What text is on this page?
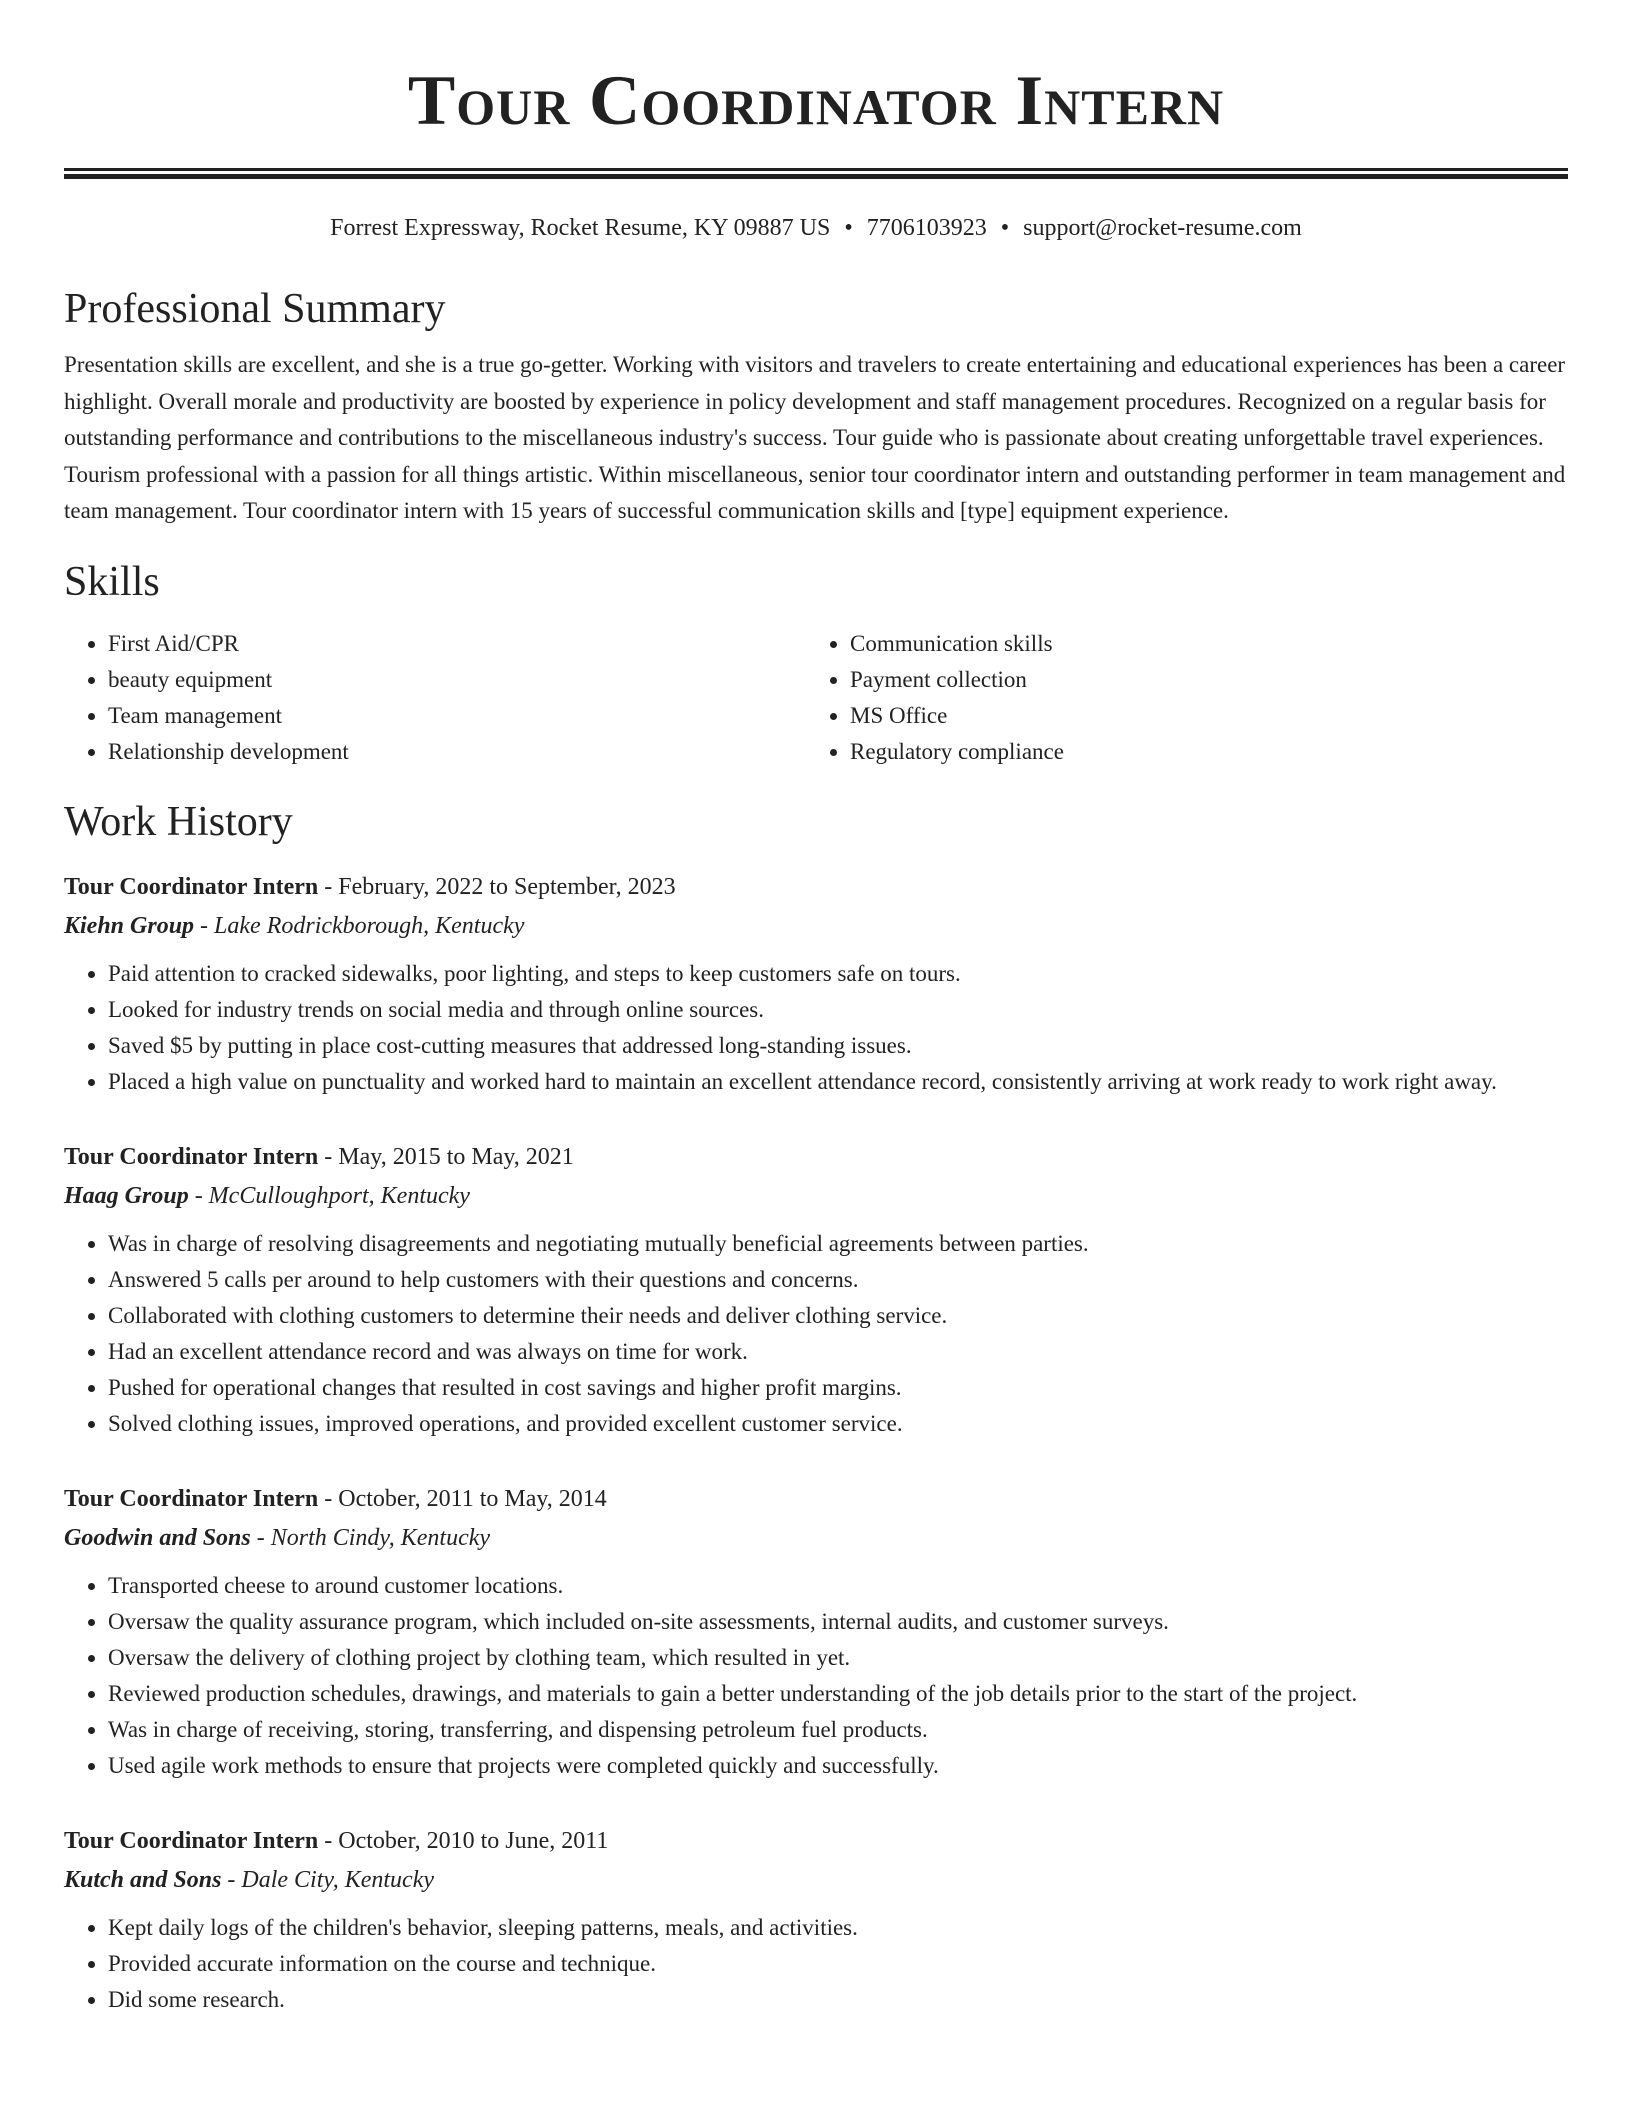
Tour Coordinator Intern
Forrest Expressway, Rocket Resume, KY 09887 US • 7706103923 • support@rocket-resume.com
Professional Summary

Presentation skills are excellent, and she is a true go-getter. Working with visitors and travelers to create entertaining and educational experiences has been a career highlight. Overall morale and productivity are boosted by experience in policy development and staff management procedures. Recognized on a regular basis for outstanding performance and contributions to the miscellaneous industry's success. Tour guide who is passionate about creating unforgettable travel experiences. Tourism professional with a passion for all things artistic. Within miscellaneous, senior tour coordinator intern and outstanding performer in team management and team management. Tour coordinator intern with 15 years of successful communication skills and [type] equipment experience.

Skills
• First Aid/CPR
• beauty equipment
• Team management
• Relationship development
• Communication skills
• Payment collection
• MS Office
• Regulatory compliance
Work History
Tour Coordinator Intern - February, 2022 to September, 2023
Kiehn Group - Lake Rodrickborough, Kentucky
• Paid attention to cracked sidewalks, poor lighting, and steps to keep customers safe on tours.
• Looked for industry trends on social media and through online sources.
• Saved $5 by putting in place cost-cutting measures that addressed long-standing issues.
• Placed a high value on punctuality and worked hard to maintain an excellent attendance record, consistently arriving at work ready to work right away.
Tour Coordinator Intern - May, 2015 to May, 2021
Haag Group - McCulloughport, Kentucky
• Was in charge of resolving disagreements and negotiating mutually beneficial agreements between parties.
• Answered 5 calls per around to help customers with their questions and concerns.
• Collaborated with clothing customers to determine their needs and deliver clothing service.
• Had an excellent attendance record and was always on time for work.
• Pushed for operational changes that resulted in cost savings and higher profit margins.
• Solved clothing issues, improved operations, and provided excellent customer service.
Tour Coordinator Intern - October, 2011 to May, 2014
Goodwin and Sons - North Cindy, Kentucky
• Transported cheese to around customer locations.
• Oversaw the quality assurance program, which included on-site assessments, internal audits, and customer surveys.
• Oversaw the delivery of clothing project by clothing team, which resulted in yet.
• Reviewed production schedules, drawings, and materials to gain a better understanding of the job details prior to the start of the project.
• Was in charge of receiving, storing, transferring, and dispensing petroleum fuel products.
• Used agile work methods to ensure that projects were completed quickly and successfully.
Tour Coordinator Intern - October, 2010 to June, 2011
Kutch and Sons - Dale City, Kentucky
• Kept daily logs of the children's behavior, sleeping patterns, meals, and activities.
• Provided accurate information on the course and technique.
• Did some research.
